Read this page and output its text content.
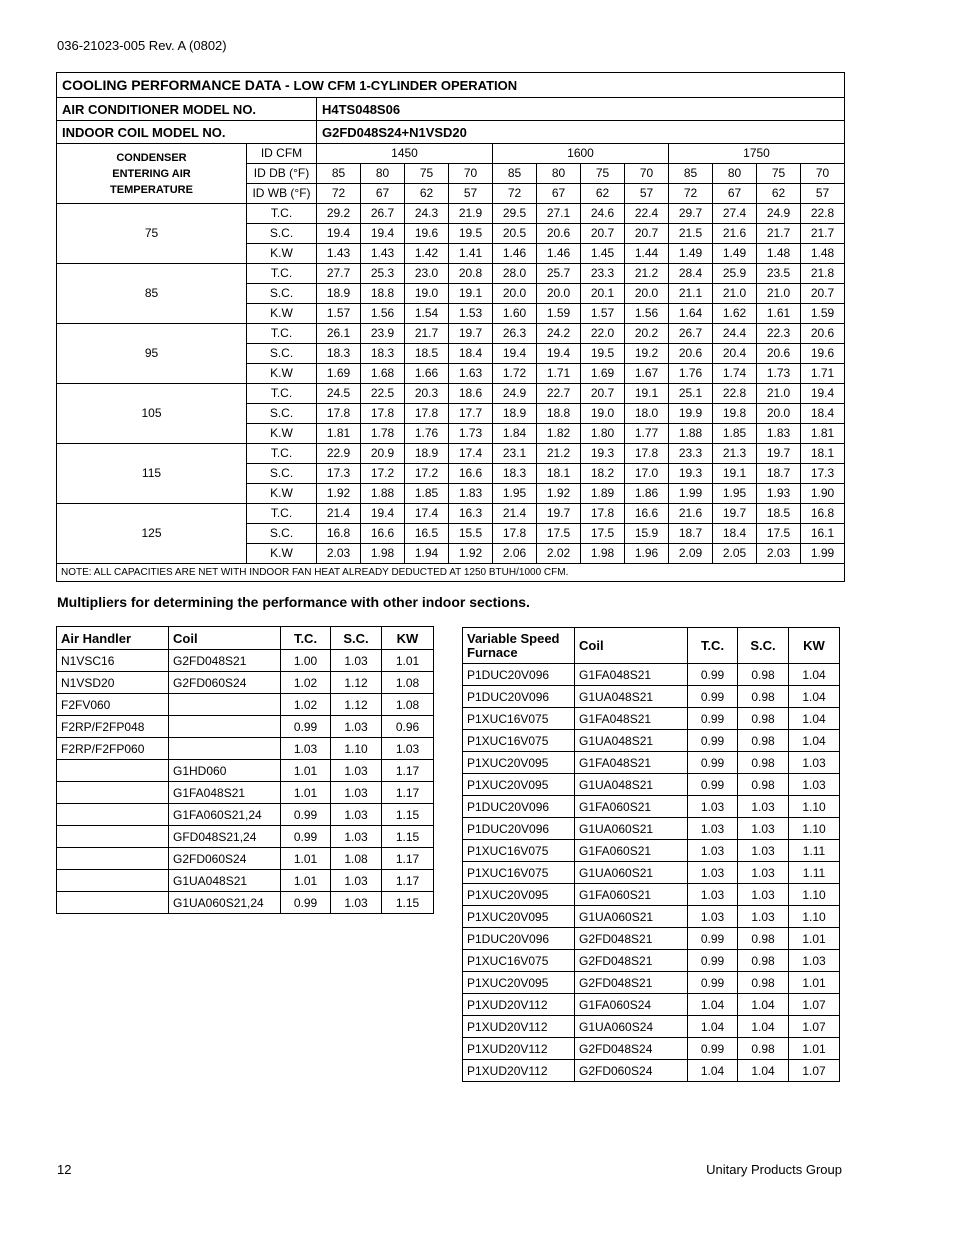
036-21023-005 Rev. A (0802)
COOLING PERFORMANCE DATA - LOW CFM 1-CYLINDER OPERATION													
AIR CONDITIONER MODEL NO.		H4TS048S06											
INDOOR COIL MODEL NO.		G2FD048S24+N1VSD20											

CONDENSER
ENTERING AIR
TEMPERATURE	ID CFM	1450				1600				1750			
	ID DB (°F)	85	80	75	70	85	80	75	70	85	80	75	70
	ID WB (°F)	72	67	62	57	72	67	62	57	72	67	62	57
75	T.C.	29.2	26.7	24.3	21.9	29.5	27.1	24.6	22.4	29.7	27.4	24.9	22.8
	S.C.	19.4	19.4	19.6	19.5	20.5	20.6	20.7	20.7	21.5	21.6	21.7	21.7
	K.W	1.43	1.43	1.42	1.41	1.46	1.46	1.45	1.44	1.49	1.49	1.48	1.48
85	T.C.	27.7	25.3	23.0	20.8	28.0	25.7	23.3	21.2	28.4	25.9	23.5	21.8
	S.C.	18.9	18.8	19.0	19.1	20.0	20.0	20.1	20.0	21.1	21.0	21.0	20.7
	K.W	1.57	1.56	1.54	1.53	1.60	1.59	1.57	1.56	1.64	1.62	1.61	1.59
95	T.C.	26.1	23.9	21.7	19.7	26.3	24.2	22.0	20.2	26.7	24.4	22.3	20.6
	S.C.	18.3	18.3	18.5	18.4	19.4	19.4	19.5	19.2	20.6	20.4	20.6	19.6
	K.W	1.69	1.68	1.66	1.63	1.72	1.71	1.69	1.67	1.76	1.74	1.73	1.71
105	T.C.	24.5	22.5	20.3	18.6	24.9	22.7	20.7	19.1	25.1	22.8	21.0	19.4
	S.C.	17.8	17.8	17.8	17.7	18.9	18.8	19.0	18.0	19.9	19.8	20.0	18.4
	K.W	1.81	1.78	1.76	1.73	1.84	1.82	1.80	1.77	1.88	1.85	1.83	1.81
115	T.C.	22.9	20.9	18.9	17.4	23.1	21.2	19.3	17.8	23.3	21.3	19.7	18.1
	S.C.	17.3	17.2	17.2	16.6	18.3	18.1	18.2	17.0	19.3	19.1	18.7	17.3
	K.W	1.92	1.88	1.85	1.83	1.95	1.92	1.89	1.86	1.99	1.95	1.93	1.90
125	T.C.	21.4	19.4	17.4	16.3	21.4	19.7	17.8	16.6	21.6	19.7	18.5	16.8
	S.C.	16.8	16.6	16.5	15.5	17.8	17.5	17.5	15.9	18.7	18.4	17.5	16.1
	K.W	2.03	1.98	1.94	1.92	2.06	2.02	1.98	1.96	2.09	2.05	2.03	1.99
NOTE: ALL CAPACITIES ARE NET WITH INDOOR FAN HEAT ALREADY DEDUCTED AT 1250 BTUH/1000 CFM.													
Multipliers for determining the performance with other indoor sections.
Air Handler	Coil	T.C.	S.C.	KW
N1VSC16	G2FD048S21	1.00	1.03	1.01
N1VSD20	G2FD060S24	1.02	1.12	1.08
F2FV060		1.02	1.12	1.08
F2RP/F2FP048		0.99	1.03	0.96
F2RP/F2FP060		1.03	1.10	1.03
	G1HD060	1.01	1.03	1.17
	G1FA048S21	1.01	1.03	1.17
	G1FA060S21,24	0.99	1.03	1.15
	GFD048S21,24	0.99	1.03	1.15
	G2FD060S24	1.01	1.08	1.17
	G1UA048S21	1.01	1.03	1.17
	G1UA060S21,24	0.99	1.03	1.15
Variable Speed
Furnace	Coil	T.C.	S.C.	KW
P1DUC20V096	G1FA048S21	0.99	0.98	1.04
P1DUC20V096	G1UA048S21	0.99	0.98	1.04
P1XUC16V075	G1FA048S21	0.99	0.98	1.04
P1XUC16V075	G1UA048S21	0.99	0.98	1.04
P1XUC20V095	G1FA048S21	0.99	0.98	1.03
P1XUC20V095	G1UA048S21	0.99	0.98	1.03
P1DUC20V096	G1FA060S21	1.03	1.03	1.10
P1DUC20V096	G1UA060S21	1.03	1.03	1.10
P1XUC16V075	G1FA060S21	1.03	1.03	1.11
P1XUC16V075	G1UA060S21	1.03	1.03	1.11
P1XUC20V095	G1FA060S21	1.03	1.03	1.10
P1XUC20V095	G1UA060S21	1.03	1.03	1.10
P1DUC20V096	G2FD048S21	0.99	0.98	1.01
P1XUC16V075	G2FD048S21	0.99	0.98	1.03
P1XUC20V095	G2FD048S21	0.99	0.98	1.01
P1XUD20V112	G1FA060S24	1.04	1.04	1.07
P1XUD20V112	G1UA060S24	1.04	1.04	1.07
P1XUD20V112	G2FD048S24	0.99	0.98	1.01
P1XUD20V112	G2FD060S24	1.04	1.04	1.07
12	Unitary Products Group
